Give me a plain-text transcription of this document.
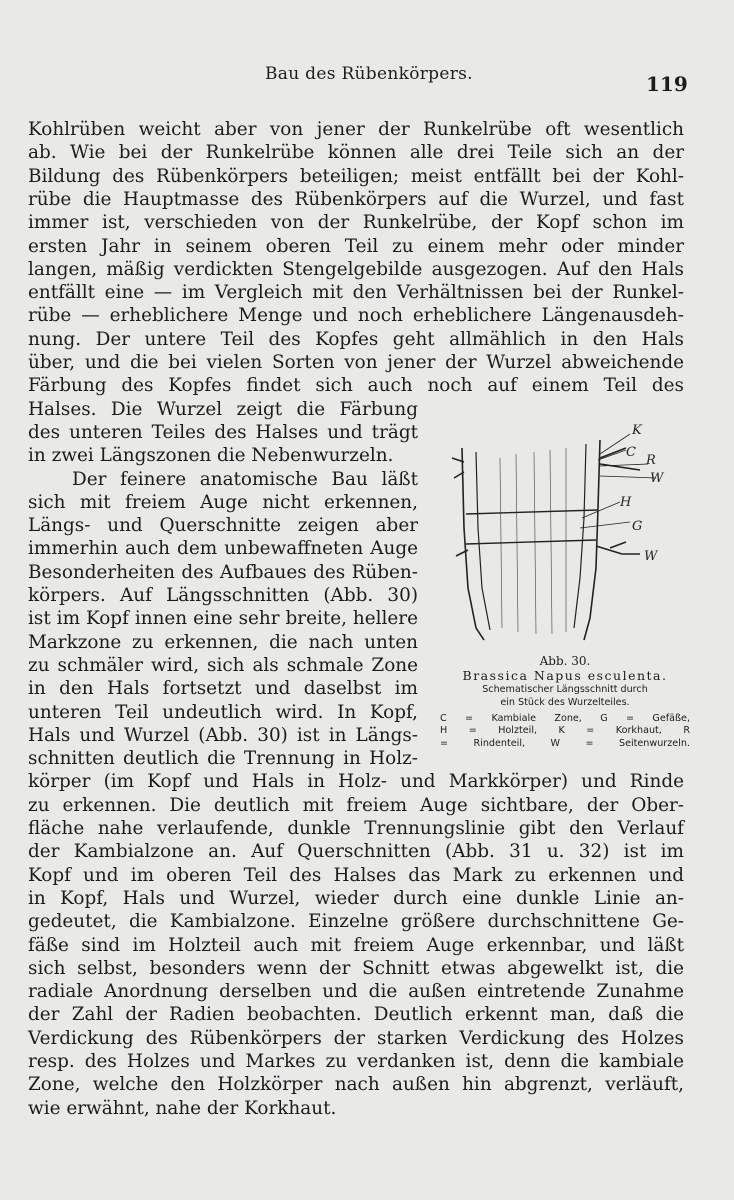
Bau des Rübenkörpers.	119
Kohlrüben weicht aber von jener der Runkelrübe oft wesentlich
ab. Wie bei der Runkelrübe können alle drei Teile sich an der
Bildung des Rübenkörpers beteiligen; meist entfällt bei der Kohl-
rübe die Hauptmasse des Rübenkörpers auf die Wurzel, und fast
immer ist, verschieden von der Runkelrübe, der Kopf schon im
ersten Jahr in seinem oberen Teil zu einem mehr oder minder
langen, mäßig verdickten Stengelgebilde ausgezogen. Auf den Hals
entfällt eine — im Vergleich mit den Verhältnissen bei der Runkel-
rübe — erheblichere Menge und noch erheblichere Längenausdeh-
nung. Der untere Teil des Kopfes geht allmählich in den Hals
über, und die bei vielen Sorten von jener der Wurzel abweichende
Färbung des Kopfes findet sich auch noch auf einem Teil des
Halses. Die Wurzel zeigt die Färbung
des unteren Teiles des Halses und trägt
in zwei Längszonen die Nebenwurzeln.
Der feinere anatomische Bau läßt
sich mit freiem Auge nicht erkennen,
Längs- und Querschnitte zeigen aber
immerhin auch dem unbewaffneten Auge
Besonderheiten des Aufbaues des Rüben-
körpers. Auf Längsschnitten (Abb. 30)
ist im Kopf innen eine sehr breite, hellere
Markzone zu erkennen, die nach unten
zu schmäler wird, sich als schmale Zone
in den Hals fortsetzt und daselbst im
unteren Teil undeutlich wird. In Kopf,
Hals und Wurzel (Abb. 30) ist in Längs-
schnitten deutlich die Trennung in Holz-
körper (im Kopf und Hals in Holz- und Markkörper) und Rinde
zu erkennen. Die deutlich mit freiem Auge sichtbare, der Ober-
fläche nahe verlaufende, dunkle Trennungslinie gibt den Verlauf
der Kambialzone an. Auf Querschnitten (Abb. 31 u. 32) ist im
Kopf und im oberen Teil des Halses das Mark zu erkennen und
in Kopf, Hals und Wurzel, wieder durch eine dunkle Linie an-
gedeutet, die Kambialzone. Einzelne größere durchschnittene Ge-
fäße sind im Holzteil auch mit freiem Auge erkennbar, und läßt
sich selbst, besonders wenn der Schnitt etwas abgewelkt ist, die
radiale Anordnung derselben und die außen eintretende Zunahme
der Zahl der Radien beobachten. Deutlich erkennt man, daß die
Verdickung des Rübenkörpers der starken Verdickung des Holzes
resp. des Holzes und Markes zu verdanken ist, denn die kambiale
Zone, welche den Holzkörper nach außen hin abgrenzt, verläuft,
wie erwähnt, nahe der Korkhaut.
K
C
R
W
H
G
W
Abb. 30.
Brassica Napus esculenta.
Schematischer Längsschnitt durch
ein Stück des Wurzelteiles.
C = Kambiale Zone, G = Gefäße,
H = Holzteil, K = Korkhaut, R
= Rindenteil, W = Seitenwurzeln.
